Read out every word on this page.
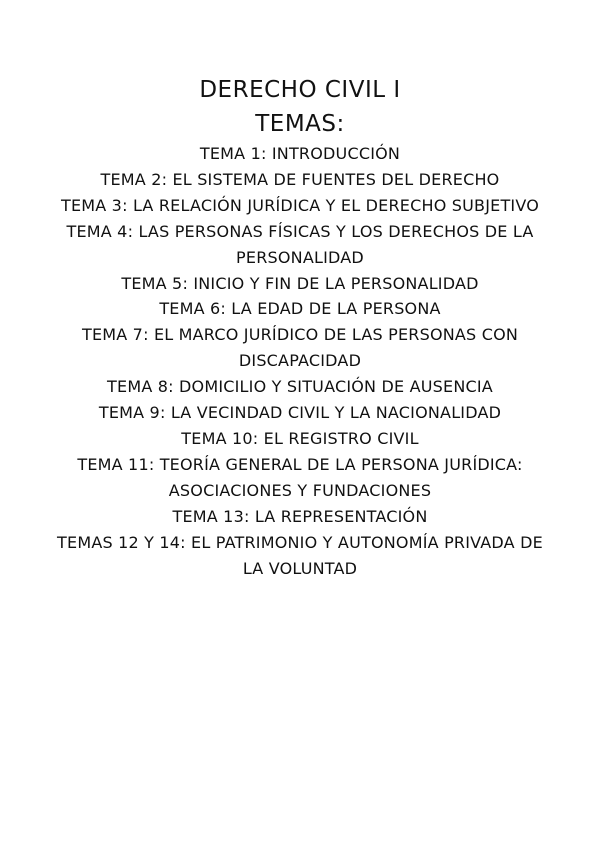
DERECHO CIVIL I
TEMAS:
TEMA 1: INTRODUCCIÓN
TEMA 2: EL SISTEMA DE FUENTES DEL DERECHO
TEMA 3: LA RELACIÓN JURÍDICA Y EL DERECHO SUBJETIVO
TEMA 4: LAS PERSONAS FÍSICAS Y LOS DERECHOS DE LA PERSONALIDAD
TEMA 5: INICIO Y FIN DE LA PERSONALIDAD
TEMA 6: LA EDAD DE LA PERSONA
TEMA 7: EL MARCO JURÍDICO DE LAS PERSONAS CON DISCAPACIDAD
TEMA 8: DOMICILIO Y SITUACIÓN DE AUSENCIA
TEMA 9: LA VECINDAD CIVIL Y LA NACIONALIDAD
TEMA 10: EL REGISTRO CIVIL
TEMA 11: TEORÍA GENERAL DE LA PERSONA JURÍDICA: ASOCIACIONES Y FUNDACIONES
TEMA 13: LA REPRESENTACIÓN
TEMAS 12 Y 14: EL PATRIMONIO Y AUTONOMÍA PRIVADA DE LA VOLUNTAD
